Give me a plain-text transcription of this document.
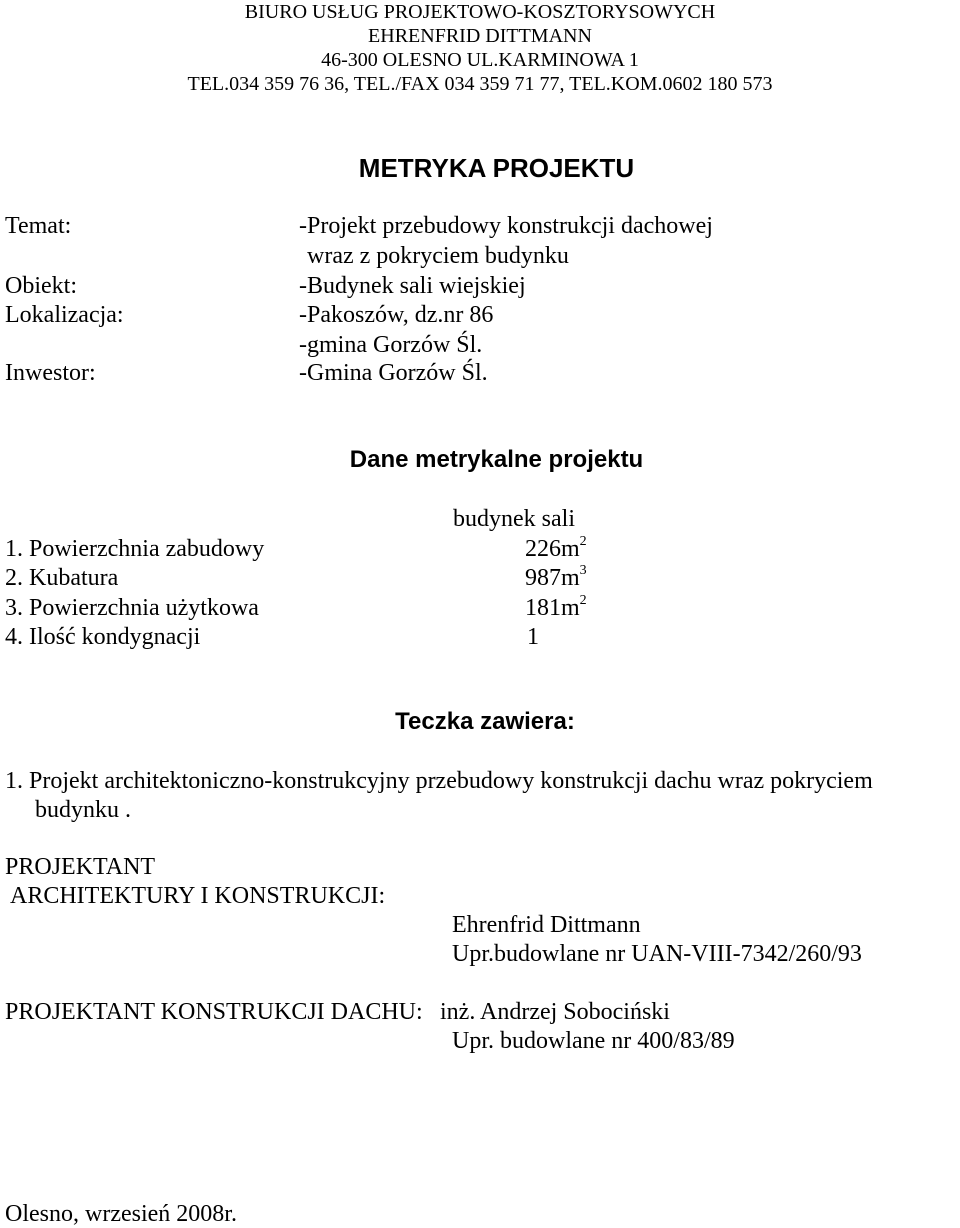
BIURO USŁUG PROJEKTOWO-KOSZTORYSOWYCH
EHRENFRID DITTMANN
46-300 OLESNO UL.KARMINOWA 1
TEL.034 359 76 36, TEL./FAX 034 359 71 77, TEL.KOM.0602 180 573
METRYKA PROJEKTU
Temat:	-Projekt przebudowy konstrukcji dachowej
wraz z pokryciem budynku
Obiekt:	-Budynek sali wiejskiej
Lokalizacja:	-Pakoszów, dz.nr 86
-gmina Gorzów Śl.
Inwestor:	-Gmina Gorzów Śl.
Dane metrykalne projektu
budynek sali
1. Powierzchnia zabudowy	$226m^2$
2. Kubatura	$987m^3$
3. Powierzchnia użytkowa	$181m^2$
4. Ilość kondygnacji	1
Teczka zawiera:
1. Projekt architektoniczno-konstrukcyjny przebudowy konstrukcji dachu wraz pokryciem
budynku .
PROJEKTANT
ARCHITEKTURY I KONSTRUKCJI:
Ehrenfrid Dittmann
Upr.budowlane nr UAN-VIII-7342/260/93
PROJEKTANT KONSTRUKCJI DACHU: inż. Andrzej Sobociński
Upr. budowlane nr 400/83/89
Olesno, wrzesień 2008r.
